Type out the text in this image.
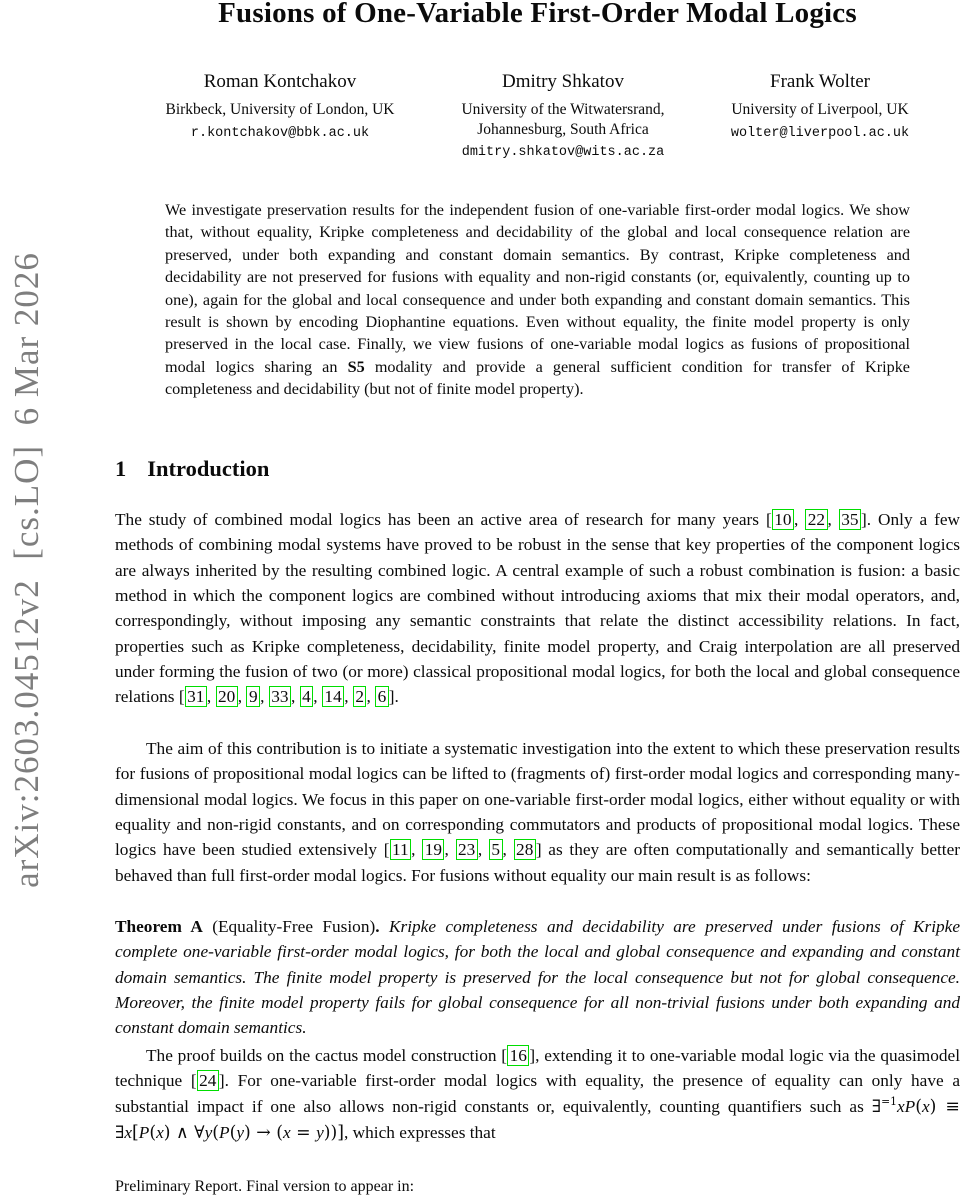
arXiv:2603.04512v2  [cs.LO]  6 Mar 2026
Fusions of One-Variable First-Order Modal Logics
Roman Kontchakov
Birkbeck, University of London, UK
r.kontchakov@bbk.ac.uk
Dmitry Shkatov
University of the Witwatersrand,
Johannesburg, South Africa
dmitry.shkatov@wits.ac.za
Frank Wolter
University of Liverpool, UK
wolter@liverpool.ac.uk
We investigate preservation results for the independent fusion of one-variable first-order modal logics. We show that, without equality, Kripke completeness and decidability of the global and local consequence relation are preserved, under both expanding and constant domain semantics. By contrast, Kripke completeness and decidability are not preserved for fusions with equality and non-rigid constants (or, equivalently, counting up to one), again for the global and local consequence and under both expanding and constant domain semantics. This result is shown by encoding Diophantine equations. Even without equality, the finite model property is only preserved in the local case. Finally, we view fusions of one-variable modal logics as fusions of propositional modal logics sharing an S5 modality and provide a general sufficient condition for transfer of Kripke completeness and decidability (but not of finite model property).
1 Introduction
The study of combined modal logics has been an active area of research for many years [ 10 , 22 , 35 ]. Only a few methods of combining modal systems have proved to be robust in the sense that key properties of the component logics are always inherited by the resulting combined logic. A central example of such a robust combination is fusion: a basic method in which the component logics are combined without introducing axioms that mix their modal operators, and, correspondingly, without imposing any semantic constraints that relate the distinct accessibility relations. In fact, properties such as Kripke completeness, decidability, finite model property, and Craig interpolation are all preserved under forming the fusion of two (or more) classical propositional modal logics, for both the local and global consequence relations [ 31 , 20 , 9 , 33 , 4 , 14 , 2 , 6 ].
The aim of this contribution is to initiate a systematic investigation into the extent to which these preservation results for fusions of propositional modal logics can be lifted to (fragments of) first-order modal logics and corresponding many-dimensional modal logics. We focus in this paper on one-variable first-order modal logics, either without equality or with equality and non-rigid constants, and on corresponding commutators and products of propositional modal logics. These logics have been studied extensively [ 11 , 19 , 23 , 5 , 28 ] as they are often computationally and semantically better behaved than full first-order modal logics. For fusions without equality our main result is as follows:
Theorem A (Equality-Free Fusion). Kripke completeness and decidability are preserved under fusions of Kripke complete one-variable first-order modal logics, for both the local and global consequence and expanding and constant domain semantics. The finite model property is preserved for the local consequence but not for global consequence. Moreover, the finite model property fails for global consequence for all non-trivial fusions under both expanding and constant domain semantics.
The proof builds on the cactus model construction [ 16 ], extending it to one-variable modal logic via the quasimodel technique [ 24 ]. For one-variable first-order modal logics with equality, the presence of equality can only have a substantial impact if one also allows non-rigid constants or, equivalently, counting quantifiers such as ∃$^{=1}$xP(x) ≡ ∃x[P(x) ∧ ∀y(P(y) → (x = y))], which expresses that
Preliminary Report. Final version to appear in:
